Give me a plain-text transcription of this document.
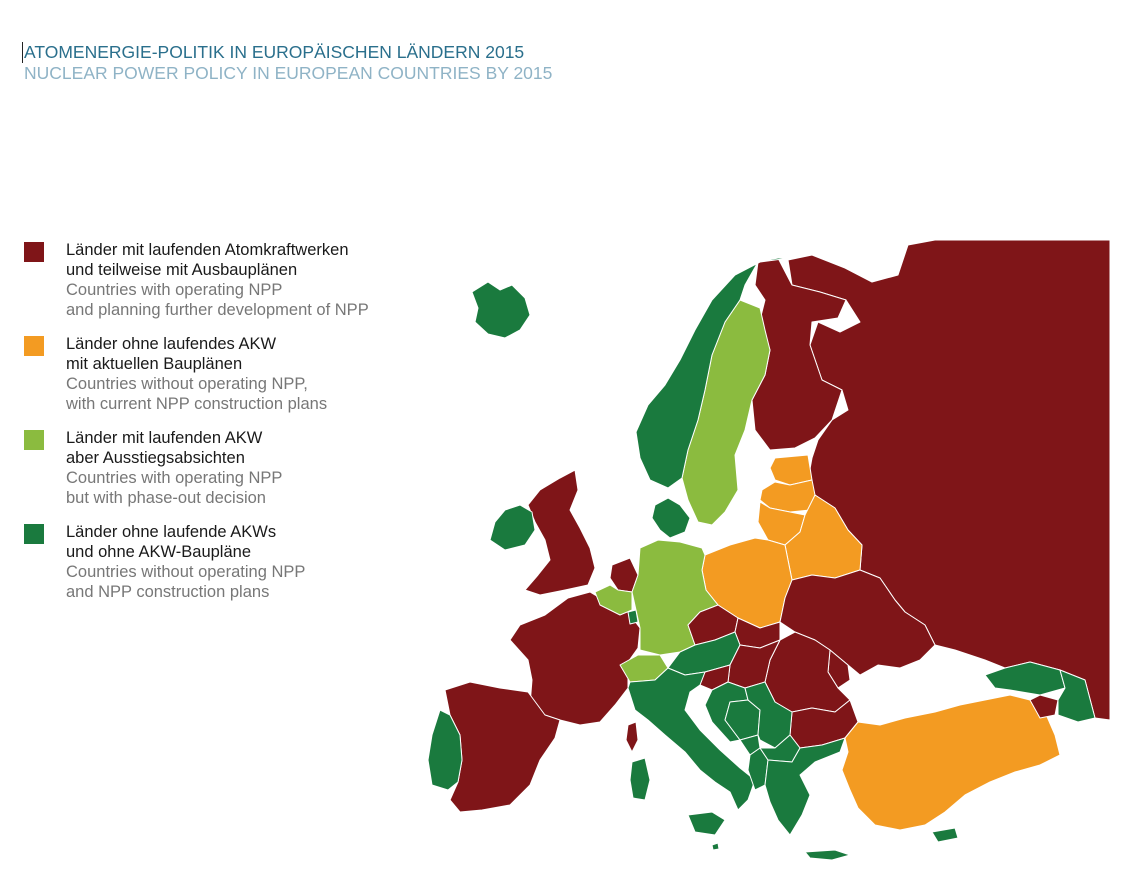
ATOMENERGIE-POLITIK IN EUROPÄISCHEN LÄNDERN 2015
NUCLEAR POWER POLICY IN EUROPEAN COUNTRIES BY 2015
Länder mit laufenden Atomkraftwerken
und teilweise mit Ausbauplänen
Countries with operating NPP
and planning further development of NPP
Länder ohne laufendes AKW
mit aktuellen Bauplänen
Countries without operating NPP,
with current NPP construction plans
Länder mit laufenden AKW
aber Ausstiegsabsichten
Countries with operating NPP
but with phase-out decision
Länder ohne laufende AKWs
und ohne AKW-Baupläne
Countries without operating NPP
and NPP construction plans
